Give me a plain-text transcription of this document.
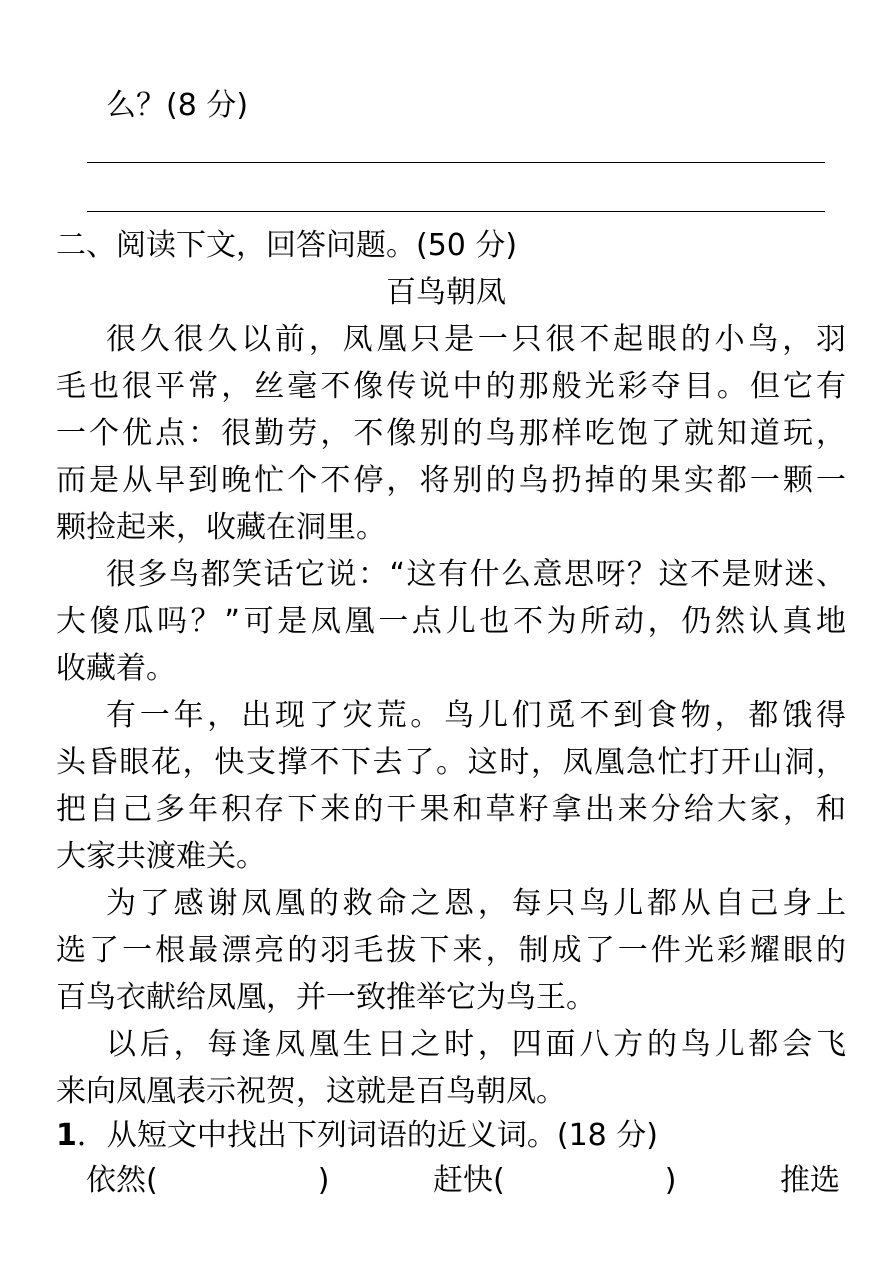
么？(8 分)
二、阅读下文，回答问题。(50 分)
百鸟朝凤
很久很久以前，凤凰只是一只很不起眼的小鸟，羽
毛也很平常，丝毫不像传说中的那般光彩夺目。但它有
一个优点：很勤劳，不像别的鸟那样吃饱了就知道玩，
而是从早到晚忙个不停，将别的鸟扔掉的果实都一颗一
颗捡起来，收藏在洞里。
很多鸟都笑话它说：“这有什么意思呀？这不是财迷、
大傻瓜吗？”可是凤凰一点儿也不为所动，仍然认真地
收藏着。
有一年，出现了灾荒。鸟儿们觅不到食物，都饿得
头昏眼花，快支撑不下去了。这时，凤凰急忙打开山洞，
把自己多年积存下来的干果和草籽拿出来分给大家，和
大家共渡难关。
为了感谢凤凰的救命之恩，每只鸟儿都从自己身上
选了一根最漂亮的羽毛拔下来，制成了一件光彩耀眼的
百鸟衣献给凤凰，并一致推举它为鸟王。
以后，每逢凤凰生日之时，四面八方的鸟儿都会飞
来向凤凰表示祝贺，这就是百鸟朝凤。
1．从短文中找出下列词语的近义词。(18 分)
依然(	)	赶快(	)	推选
